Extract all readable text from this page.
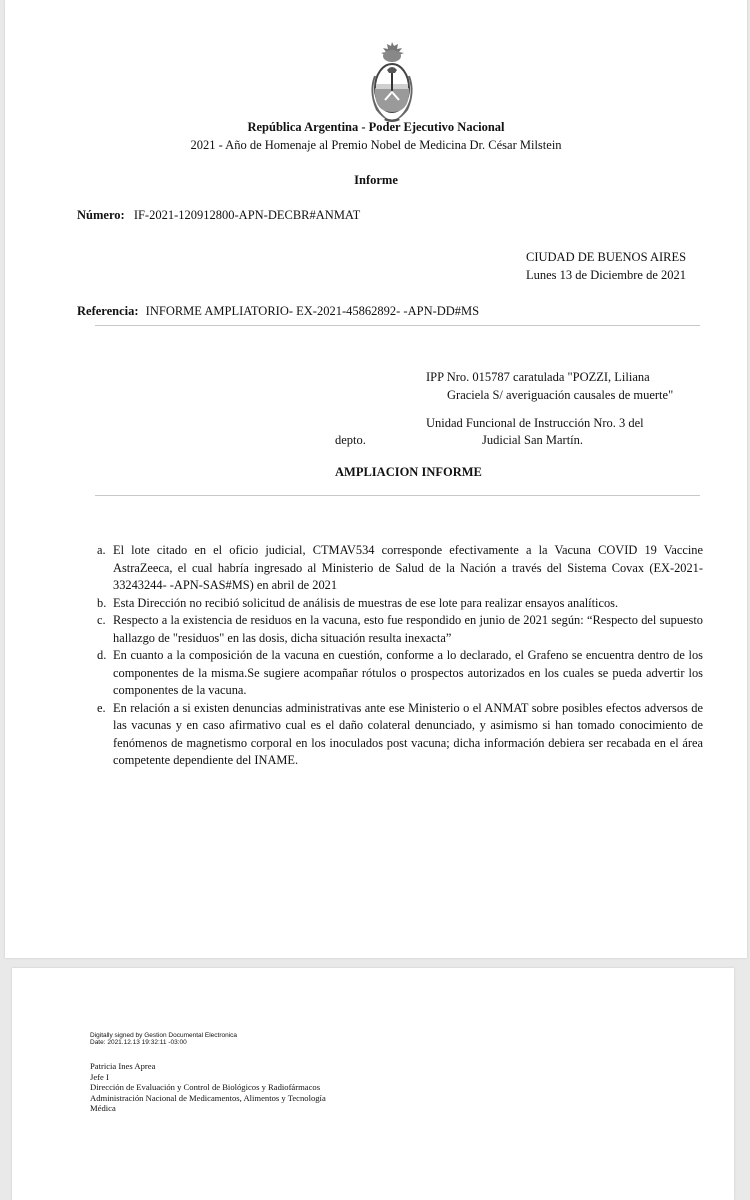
República Argentina - Poder Ejecutivo Nacional
2021 - Año de Homenaje al Premio Nobel de Medicina Dr. César Milstein
Informe
Número: IF-2021-120912800-APN-DECBR#ANMAT
CIUDAD DE BUENOS AIRES
Lunes 13 de Diciembre de 2021
Referencia: INFORME AMPLIATORIO- EX-2021-45862892- -APN-DD#MS
IPP Nro. 015787 caratulada "POZZI, Liliana
Graciela S/ averiguación causales de muerte"
Unidad Funcional de Instrucción Nro. 3 del
depto.	Judicial San Martín.
AMPLIACION INFORME
a. El lote citado en el oficio judicial, CTMAV534 corresponde efectivamente a la Vacuna COVID 19 Vaccine AstraZeeca, el cual habría ingresado al Ministerio de Salud de la Nación a través del Sistema Covax (EX-2021-33243244- -APN-SAS#MS) en abril de 2021
b. Esta Dirección no recibió solicitud de análisis de muestras de ese lote para realizar ensayos analíticos.
c. Respecto a la existencia de residuos en la vacuna, esto fue respondido en junio de 2021 según: “Respecto del supuesto hallazgo de "residuos" en las dosis, dicha situación resulta inexacta”
d. En cuanto a la composición de la vacuna en cuestión, conforme a lo declarado, el Grafeno se encuentra dentro de los componentes de la misma.Se sugiere acompañar rótulos o prospectos autorizados en los cuales se pueda advertir los componentes de la vacuna.
e. En relación a si existen denuncias administrativas ante ese Ministerio o el ANMAT sobre posibles efectos adversos de las vacunas y en caso afirmativo cual es el daño colateral denunciado, y asimismo si han tomado conocimiento de fenómenos de magnetismo corporal en los inoculados post vacuna; dicha información debiera ser recabada en el área competente dependiente del INAME.
Digitally signed by Gestion Documental Electronica
Date: 2021.12.13 19:32:11 -03:00
Patricia Ines Aprea
Jefe I
Dirección de Evaluación y Control de Biológicos y Radiofármacos
Administración Nacional de Medicamentos, Alimentos y Tecnología
Médica
